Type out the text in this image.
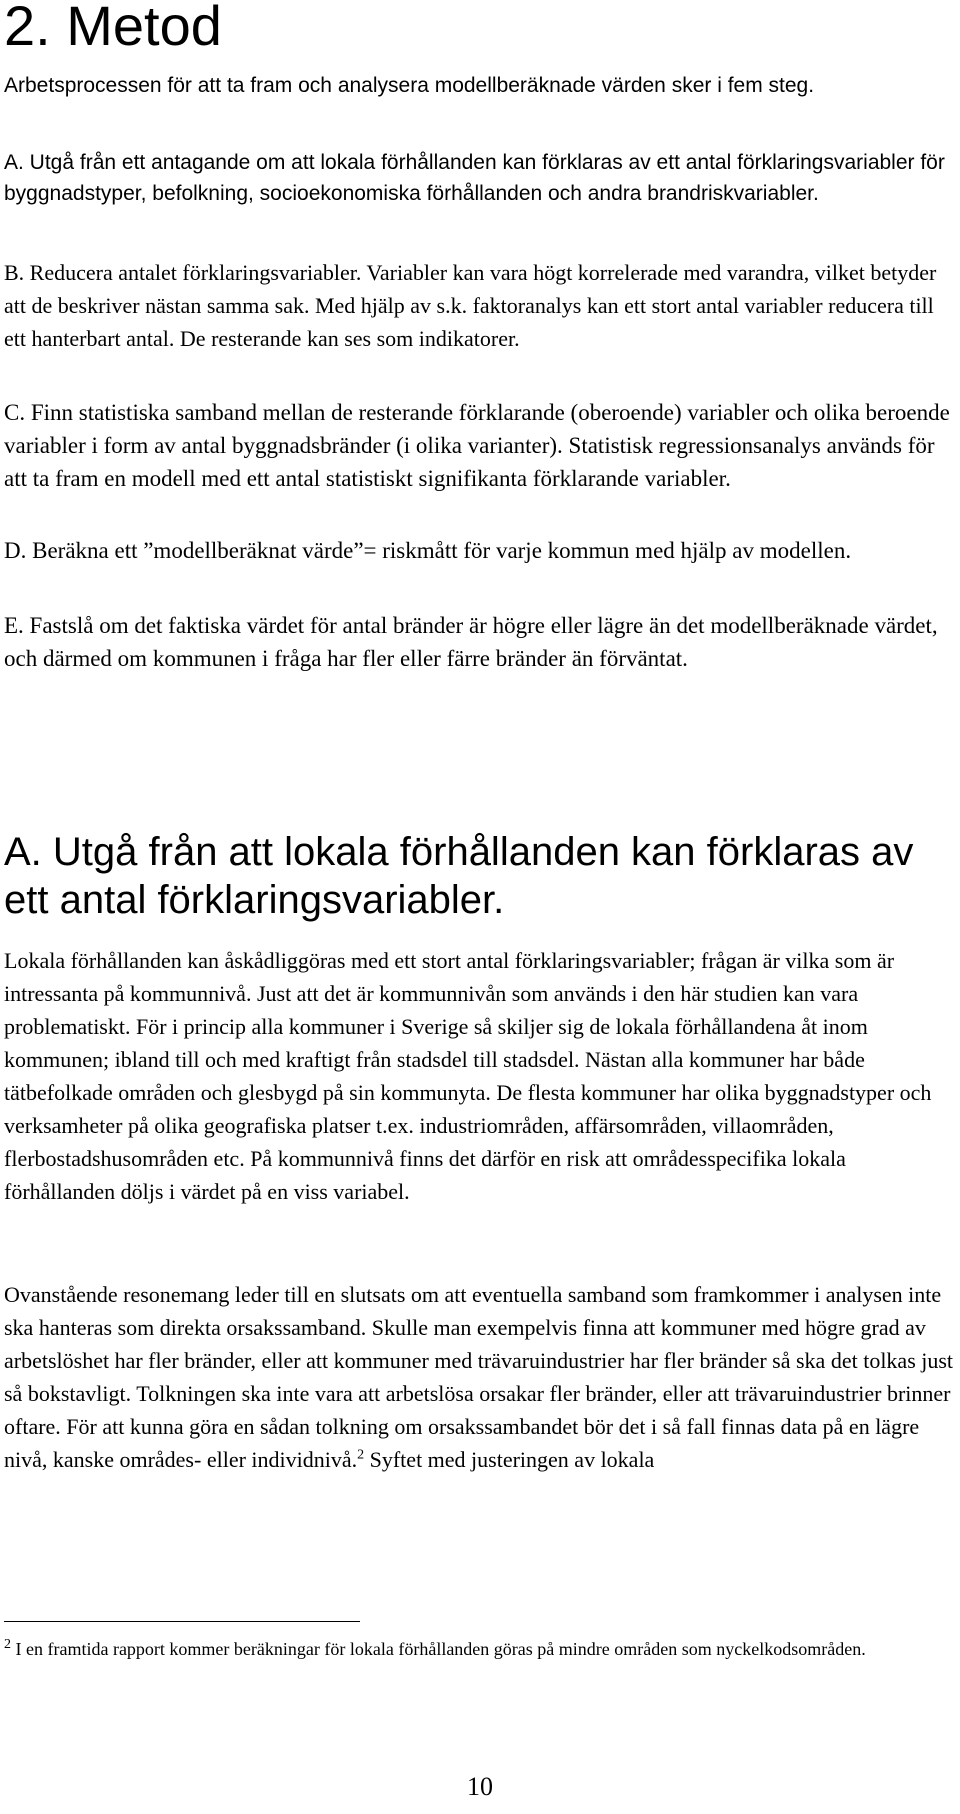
2. Metod

Arbetsprocessen för att ta fram och analysera modellberäknade värden sker i fem steg.

A. Utgå från ett antagande om att lokala förhållanden kan förklaras av ett antal förklaringsvariabler för byggnadstyper, befolkning, socioekonomiska förhållanden och andra brandriskvariabler.

B. Reducera antalet förklaringsvariabler. Variabler kan vara högt korrelerade med varandra, vilket betyder att de beskriver nästan samma sak. Med hjälp av s.k. faktoranalys kan ett stort antal variabler reducera till ett hanterbart antal. De resterande kan ses som indikatorer.

C. Finn statistiska samband mellan de resterande förklarande (oberoende) variabler och olika beroende variabler i form av antal byggnadsbränder (i olika varianter). Statistisk regressionsanalys används för att ta fram en modell med ett antal statistiskt signifikanta förklarande variabler.

D. Beräkna ett ”modellberäknat värde”= riskmått för varje kommun med hjälp av modellen.

E. Fastslå om det faktiska värdet för antal bränder är högre eller lägre än det modellberäknade värdet, och därmed om kommunen i fråga har fler eller färre bränder än förväntat.

A. Utgå från att lokala förhållanden kan förklaras av ett antal förklaringsvariabler.

Lokala förhållanden kan åskådliggöras med ett stort antal förklaringsvariabler; frågan är vilka som är intressanta på kommunnivå. Just att det är kommunnivån som används i den här studien kan vara problematiskt. För i princip alla kommuner i Sverige så skiljer sig de lokala förhållandena åt inom kommunen; ibland till och med kraftigt från stadsdel till stadsdel. Nästan alla kommuner har både tätbefolkade områden och glesbygd på sin kommunyta. De flesta kommuner har olika byggnadstyper och verksamheter på olika geografiska platser t.ex. industriområden, affärsområden, villaområden, flerbostadshusområden etc. På kommunnivå finns det därför en risk att områdesspecifika lokala förhållanden döljs i värdet på en viss variabel.

Ovanstående resonemang leder till en slutsats om att eventuella samband som framkommer i analysen inte ska hanteras som direkta orsakssamband. Skulle man exempelvis finna att kommuner med högre grad av arbetslöshet har fler bränder, eller att kommuner med trävaruindustrier har fler bränder så ska det tolkas just så bokstavligt. Tolkningen ska inte vara att arbetslösa orsakar fler bränder, eller att trävaruindustrier brinner oftare. För att kunna göra en sådan tolkning om orsakssambandet bör det i så fall finnas data på en lägre nivå, kanske områdes- eller individnivå.$^2$ Syftet med justeringen av lokala

$^2$ I en framtida rapport kommer beräkningar för lokala förhållanden göras på mindre områden som nyckelkodsområden.

10
